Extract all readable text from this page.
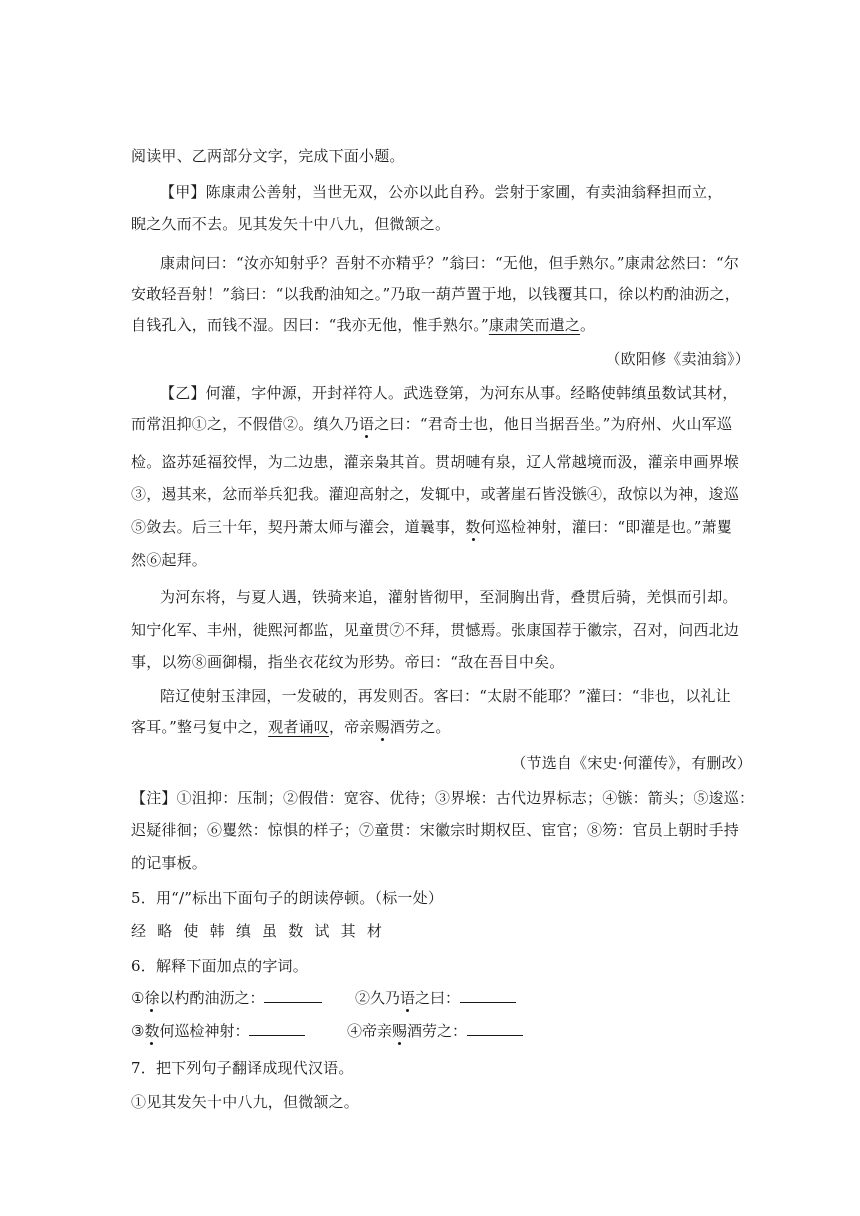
阅读甲、乙两部分文字，完成下面小题。
【甲】陈康肃公善射，当世无双，公亦以此自矜。尝射于家圃，有卖油翁释担而立，
睨之久而不去。见其发矢十中八九，但微颔之。
康肃问曰：“汝亦知射乎？吾射不亦精乎？”翁曰：“无他，但手熟尔。”康肃忿然曰：“尔
安敢轻吾射！”翁曰：“以我酌油知之。”乃取一葫芦置于地，以钱覆其口，徐以杓酌油沥之，
自钱孔入，而钱不湿。因曰：“我亦无他，惟手熟尔。”康肃笑而遣之。
（欧阳修《卖油翁》）
【乙】何灌，字仲源，开封祥符人。武选登第，为河东从事。经略使韩缜虽数试其材，
而常沮抑①之，不假借②。缜久乃语之曰：“君奇士也，他日当据吾坐。”为府州、火山军巡
检。盗苏延福狡悍，为二边患，灌亲枭其首。贯胡嗹有泉，辽人常越境而汲，灌亲申画界堠
③，遏其来，忿而举兵犯我。灌迎高射之，发辄中，或著崖石皆没镞④，敌惊以为神，逡巡
⑤敛去。后三十年，契丹萧太师与灌会，道曩事，数何巡检神射，灌曰：“即灌是也。”萧矍
然⑥起拜。
为河东将，与夏人遇，铁骑来追，灌射皆彻甲，至洞胸出背，叠贯后骑，羌惧而引却。
知宁化军、丰州，徙熙河都监，见童贯⑦不拜，贯憾焉。张康国荐于徽宗，召对，问西北边
事，以笏⑧画御榻，指坐衣花纹为形势。帝曰：“敌在吾目中矣。
陪辽使射玉津园，一发破的，再发则否。客曰：“太尉不能耶？”灌曰：“非也，以礼让
客耳。”整弓复中之，观者诵叹，帝亲赐酒劳之。
（节选自《宋史·何灌传》，有删改）
【注】①沮抑：压制；②假借：宽容、优待；③界堠：古代边界标志；④镞：箭头；⑤逡巡：
迟疑徘徊；⑥矍然：惊惧的样子；⑦童贯：宋徽宗时期权臣、宦官；⑧笏：官员上朝时手持
的记事板。
5．用“/”标出下面句子的朗读停顿。（标一处）
经 略 使 韩 缜 虽 数 试 其 材
6．解释下面加点的字词。
①徐以杓酌油沥之：	②久乃语之曰：
③数何巡检神射：	④帝亲赐酒劳之：
7．把下列句子翻译成现代汉语。
①见其发矢十中八九，但微颔之。
